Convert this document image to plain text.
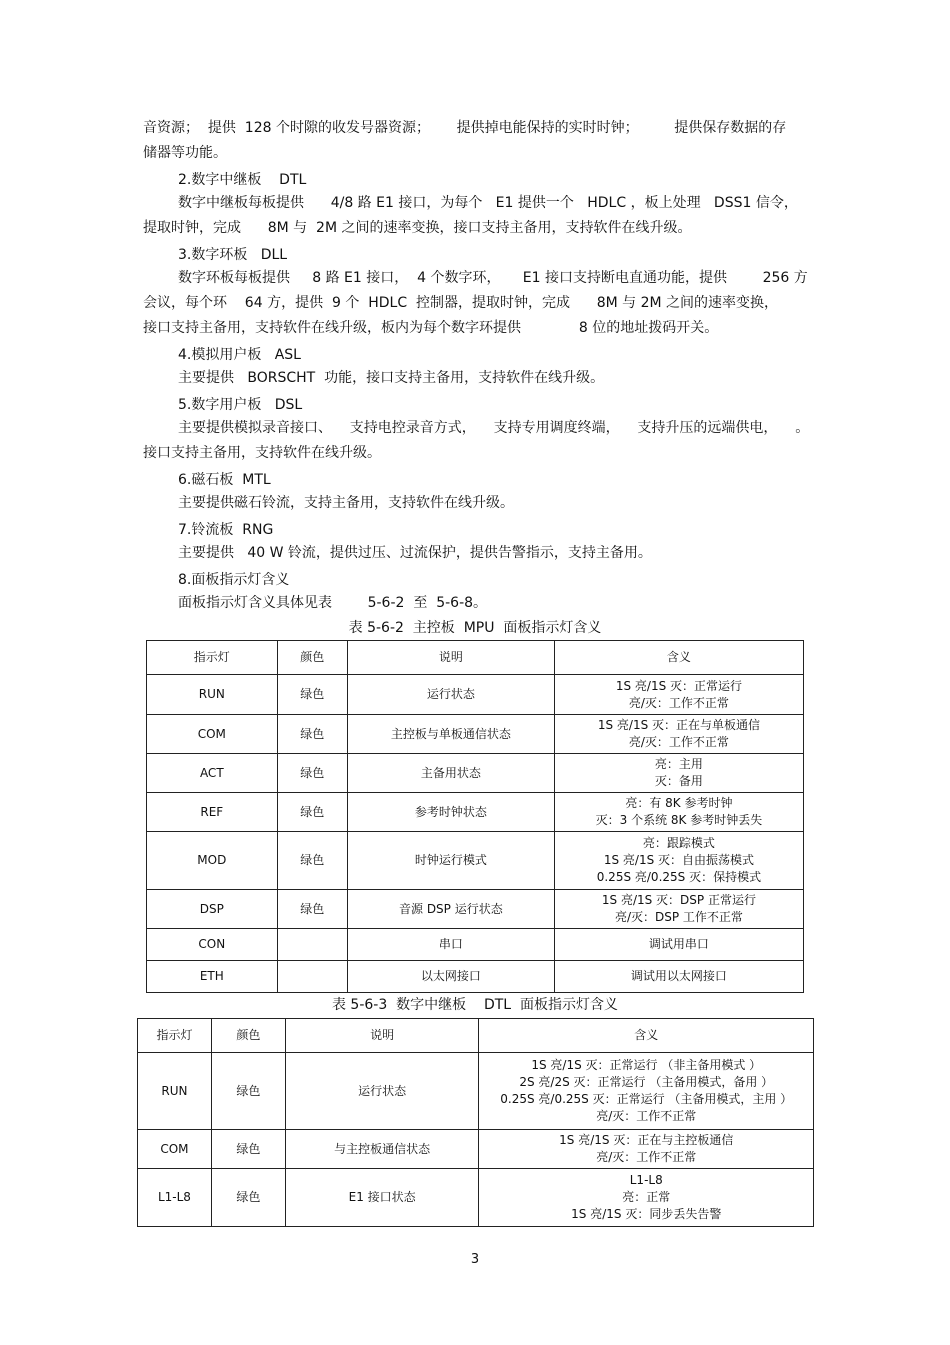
音资源；  提供  128 个时隙的收发号器资源；      提供掉电能保持的实时时钟；        提供保存数据的存
储器等功能。
2.数字中继板    DTL
数字中继板每板提供      4/8 路 E1 接口，为每个   E1 提供一个   HDLC ，板上处理   DSS1 信令，
提取时钟，完成      8M 与  2M 之间的速率变换，接口支持主备用，支持软件在线升级。
3.数字环板   DLL
数字环板每板提供     8 路 E1 接口，  4 个数字环，     E1 接口支持断电直通功能，提供        256 方
会议，每个环    64 方，提供  9 个  HDLC  控制器，提取时钟，完成      8M 与 2M 之间的速率变换，
接口支持主备用，支持软件在线升级，板内为每个数字环提供             8 位的地址拨码开关。
4.模拟用户板   ASL
主要提供   BORSCHT  功能，接口支持主备用，支持软件在线升级。
5.数字用户板   DSL
主要提供模拟录音接口、    支持电控录音方式，    支持专用调度终端，    支持升压的远端供电，    。
接口支持主备用，支持软件在线升级。
6.磁石板  MTL
主要提供磁石铃流，支持主备用，支持软件在线升级。
7.铃流板  RNG
主要提供   40 W 铃流，提供过压、过流保护，提供告警指示，支持主备用。
8.面板指示灯含义
面板指示灯含义具体见表        5-6-2  至  5-6-8。
表 5-6-2  主控板  MPU  面板指示灯含义
指示灯	颜色	说明	含义
RUN	绿色	运行状态	1S 亮/1S 灭：正常运行
亮/灭：工作不正常

COM	绿色	主控板与单板通信状态	1S 亮/1S 灭：正在与单板通信
亮/灭：工作不正常

ACT	绿色	主备用状态	亮：主用
灭：备用

REF	绿色	参考时钟状态	亮：有 8K 参考时钟
灭：3 个系统 8K 参考时钟丢失

MOD	绿色	时钟运行模式	亮：跟踪模式
1S 亮/1S 灭：自由振荡模式
0.25S 亮/0.25S 灭：保持模式

DSP	绿色	音源 DSP 运行状态	1S 亮/1S 灭：DSP 正常运行
亮/灭：DSP 工作不正常

CON		串口	调试用串口
ETH		以太网接口	调试用以太网接口
表 5-6-3  数字中继板    DTL  面板指示灯含义
指示灯	颜色	说明	含义
RUN	绿色	运行状态	1S 亮/1S 灭：正常运行 （非主备用模式 ）
2S 亮/2S 灭：正常运行 （主备用模式，备用 ）
0.25S 亮/0.25S 灭：正常运行 （主备用模式，主用 ）
亮/灭：工作不正常

COM	绿色	与主控板通信状态	1S 亮/1S 灭：正在与主控板通信
亮/灭：工作不正常

L1-L8	绿色	E1 接口状态	L1-L8
亮：正常
1S 亮/1S 灭：同步丢失告警
3
